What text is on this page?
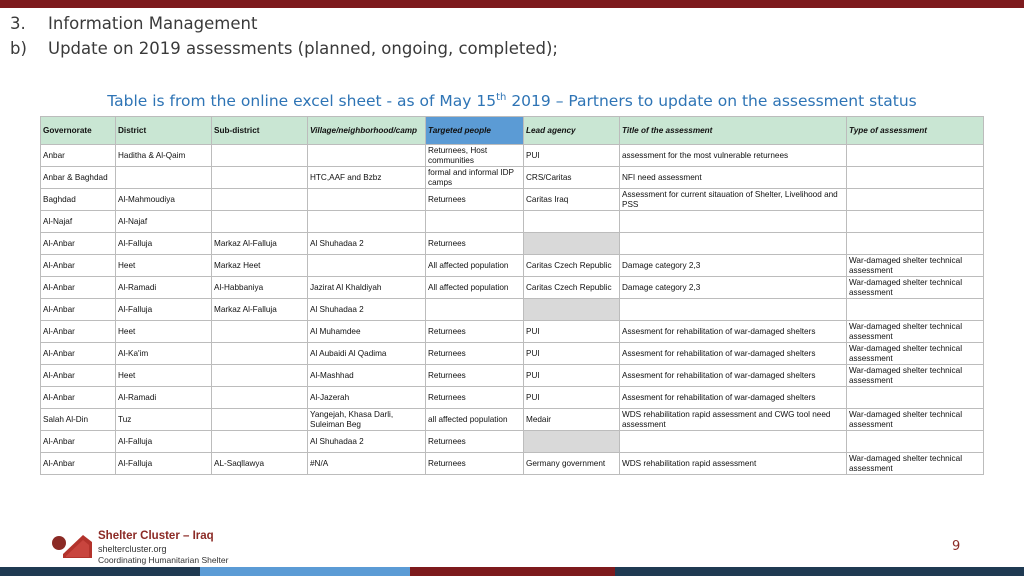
3. Information Management
b) Update on 2019 assessments (planned, ongoing, completed);
Table is from the online excel sheet - as of May 15th 2019 – Partners to update on the assessment status
Governorate	District	Sub-district	Village/neighborhood/camp	Targeted people	Lead agency	Title of the assessment	Type of assessment
Anbar	Haditha & Al-Qaim			Returnees, Host communities	PUI	assessment for the most vulnerable returnees	
Anbar & Baghdad			HTC,AAF and Bzbz	formal and informal IDP camps	CRS/Caritas	NFI need assessment	
Baghdad	Al-Mahmoudiya			Returnees	Caritas Iraq	Assessment for current sitauation of Shelter, Livelihood and PSS	
Al-Najaf	Al-Najaf						
Al-Anbar	Al-Falluja	Markaz Al-Falluja	Al Shuhadaa 2	Returnees			
Al-Anbar	Heet	Markaz Heet		All affected population	Caritas Czech Republic	Damage category 2,3	War-damaged shelter technical assessment
Al-Anbar	Al-Ramadi	Al-Habbaniya	Jazirat Al Khaldiyah	All affected population	Caritas Czech Republic	Damage category 2,3	War-damaged shelter technical assessment
Al-Anbar	Al-Falluja	Markaz Al-Falluja	Al Shuhadaa 2				
Al-Anbar	Heet		Al Muhamdee	Returnees	PUI	Assesment for rehabilitation of war-damaged shelters	War-damaged shelter technical assessment
Al-Anbar	Al-Ka'im		Al Aubaidi Al Qadima	Returnees	PUI	Assesment for rehabilitation of war-damaged shelters	War-damaged shelter technical assessment
Al-Anbar	Heet		Al-Mashhad	Returnees	PUI	Assesment for rehabilitation of war-damaged shelters	War-damaged shelter technical assessment
Al-Anbar	Al-Ramadi		Al-Jazerah	Returnees	PUI	Assesment for rehabilitation of war-damaged shelters	
Salah Al-Din	Tuz		Yangejah, Khasa Darli, Suleiman Beg	all affected population	Medair	WDS rehabilitation rapid assessment and CWG tool need assessment	War-damaged shelter technical assessment
Al-Anbar	Al-Falluja		Al Shuhadaa 2	Returnees			
Al-Anbar	Al-Falluja	AL-Saqllawya	#N/A	Returnees	Germany government	WDS rehabilitation rapid assessment	War-damaged shelter technical assessment
Shelter Cluster – Iraq
sheltercluster.org
Coordinating Humanitarian Shelter
9
